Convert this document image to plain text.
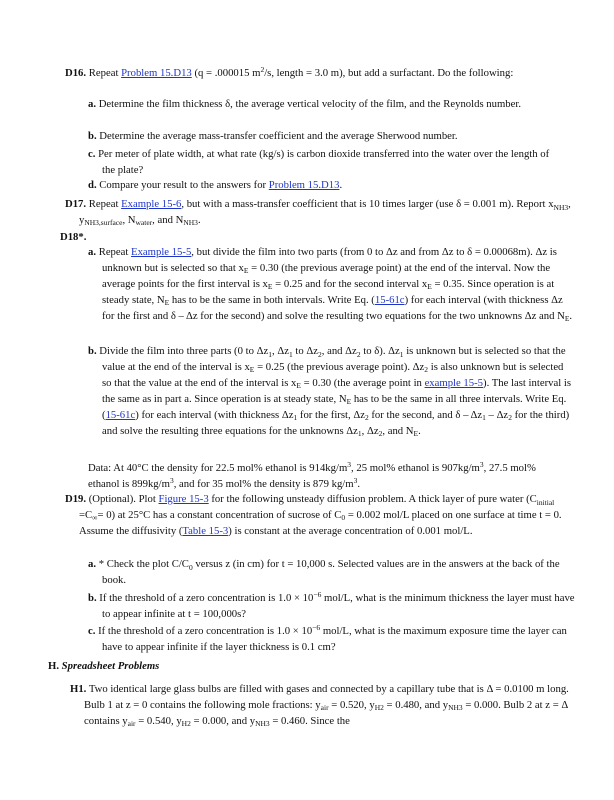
D16. Repeat Problem 15.D13 (q = .000015 $m^2/s$, length = 3.0 m), but add a surfactant. Do the following:
a. Determine the film thickness δ, the average vertical velocity of the film, and the Reynolds number.
b. Determine the average mass-transfer coefficient and the average Sherwood number.
c. Per meter of plate width, at what rate (kg/s) is carbon dioxide transferred into the water over the length of the plate?
d. Compare your result to the answers for Problem 15.D13.
D17. Repeat Example 15-6, but with a mass-transfer coefficient that is 10 times larger (use δ = 0.001 m). Report $x_{NH3}$, $y_{NH3,surface}$, $N_{water}$, and $N_{NH3}$.
D18*.
a. Repeat Example 15-5, but divide the film into two parts (from 0 to Δz and from Δz to δ = 0.00068m). Δz is unknown but is selected so that $x_E = 0.30$ (the previous average point) at the end of the interval. Now the average points for the first interval is $x_E = 0.25$ and for the second interval $x_E = 0.35$. Since operation is at steady state, $N_E$ has to be the same in both intervals. Write Eq. (15-61c) for each interval (with thickness Δz for the first and δ – Δz for the second) and solve the resulting two equations for the two unknowns Δz and $N_E$.
b. Divide the film into three parts (0 to $\Delta z_1$, $\Delta z_1$ to $\Delta z_2$, and $\Delta z_2$ to δ). $\Delta z_1$ is unknown but is selected so that the value at the end of the interval is $x_E = 0.25$ (the previous average point). $\Delta z_2$ is also unknown but is selected so that the value at the end of the interval is $x_E = 0.30$ (the average point in example 15-5). The last interval is the same as in part a. Since operation is at steady state, $N_E$ has to be the same in all three intervals. Write Eq. (15-61c) for each interval (with thickness $\Delta z_1$ for the first, $\Delta z_2$ for the second, and δ – $\Delta z_1 - \Delta z_2$ for the third) and solve the resulting three equations for the unknowns $\Delta z_1$, $\Delta z_2$, and $N_E$.
Data: At 40°C the density for 22.5 mol% ethanol is $914kg/m^3$, 25 mol% ethanol is $907kg/m^3$, 27.5 mol% ethanol is $899kg/m^3$, and for 35 mol% the density is 879 $kg/m^3$.
D19. (Optional). Plot Figure 15-3 for the following unsteady diffusion problem. A thick layer of pure water $(C_{initial} =C_\infty= 0)$ at 25°C has a constant concentration of sucrose of $C_0 = 0.002$ mol/L placed on one surface at time t = 0. Assume the diffusivity (Table 15-3) is constant at the average concentration of 0.001 mol/L.
a. * Check the plot $C/C_0$ versus z (in cm) for t = 10,000 s. Selected values are in the answers at the back of the book.
b. If the threshold of a zero concentration is $1.0 \times 10^{-6}$ mol/L, what is the minimum thickness the layer must have to appear infinite at t = 100,000s?
c. If the threshold of a zero concentration is $1.0 \times 10^{-6}$ mol/L, what is the maximum exposure time the layer can have to appear infinite if the layer thickness is 0.1 cm?
H. Spreadsheet Problems
H1. Two identical large glass bulbs are filled with gases and connected by a capillary tube that is Δ = 0.0100 m long. Bulb 1 at z = 0 contains the following mole fractions: $y_{air} = 0.520$, $y_{H2} = 0.480$, and $y_{NH3} = 0.000$. Bulb 2 at z = Δ contains $y_{air} = 0.540$, $y_{H2} = 0.000$, and $y_{NH3} = 0.460$. Since the
